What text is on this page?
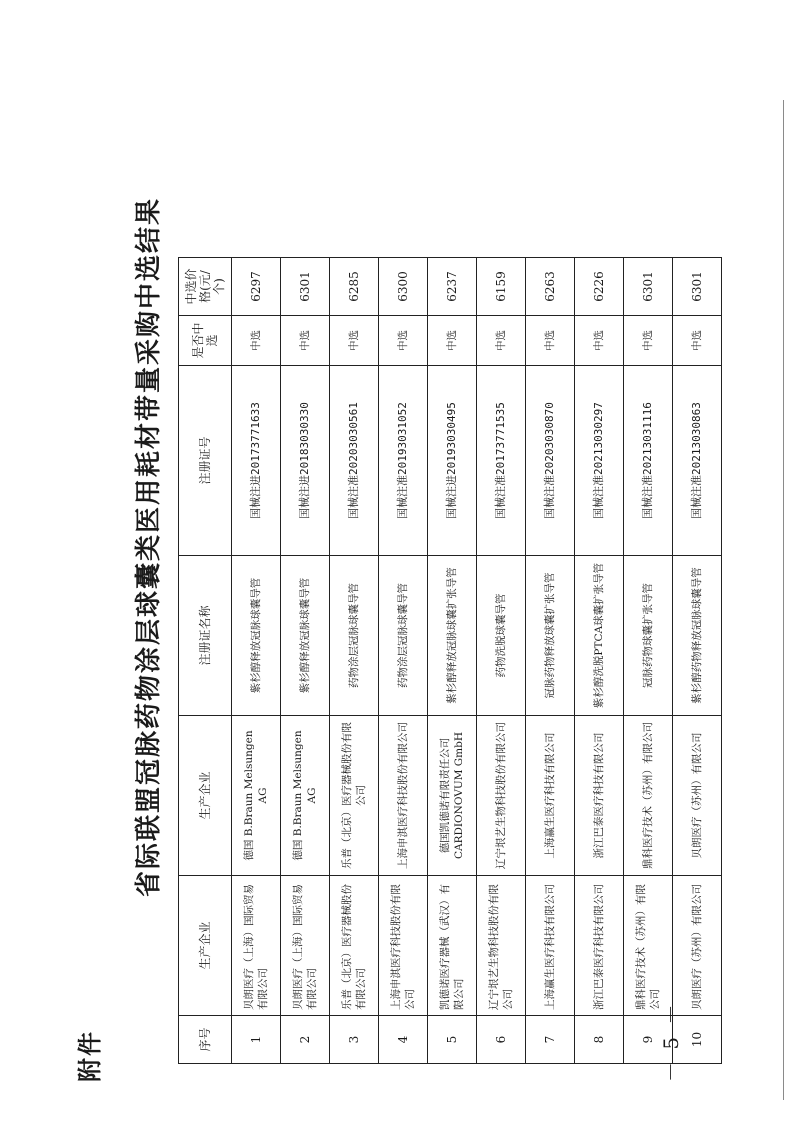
附件
省际联盟冠脉药物涂层球囊类医用耗材带量采购中选结果
序号	生产企业	生产企业	注册证名称	注册证号	是否中选	中选价格(元/个)
1	贝朗医疗（上海）国际贸易有限公司	德国 B.Braun Melsungen AG	紫杉醇释放冠脉球囊导管	国械注进20173771633	中选	6297
2	贝朗医疗（上海）国际贸易有限公司	德国 B.Braun Melsungen AG	紫杉醇释放冠脉球囊导管	国械注进20183030330	中选	6301
3	乐普（北京）医疗器械股份有限公司	乐普（北京）医疗器械股份有限公司	药物涂层冠脉球囊导管	国械注准20203030561	中选	6285
4	上海申淇医疗科技股份有限公司	上海申淇医疗科技股份有限公司	药物涂层冠脉球囊导管	国械注准20193031052	中选	6300
5	凯德诺医疗器械（武汉）有限公司	德国凯德诺有限责任公司 CARDIONOVUM GmbH	紫杉醇释放冠脉球囊扩张导管	国械注进20193030495	中选	6237
6	辽宁垠艺生物科技股份有限公司	辽宁垠艺生物科技股份有限公司	药物洗脱球囊导管	国械注准20173771535	中选	6159
7	上海赢生医疗科技有限公司	上海赢生医疗科技有限公司	冠脉药物释放球囊扩张导管	国械注准20203030870	中选	6263
8	浙江巴泰医疗科技有限公司	浙江巴泰医疗科技有限公司	紫杉醇洗脱PTCA球囊扩张导管	国械注准20213030297	中选	6226
9	鼎科医疗技术（苏州）有限公司	鼎科医疗技术（苏州）有限公司	冠脉药物球囊扩张导管	国械注准20213031116	中选	6301
10	贝朗医疗（苏州）有限公司	贝朗医疗（苏州）有限公司	紫杉醇药物释放冠脉球囊导管	国械注准20213030863	中选	6301
－ 5 －
